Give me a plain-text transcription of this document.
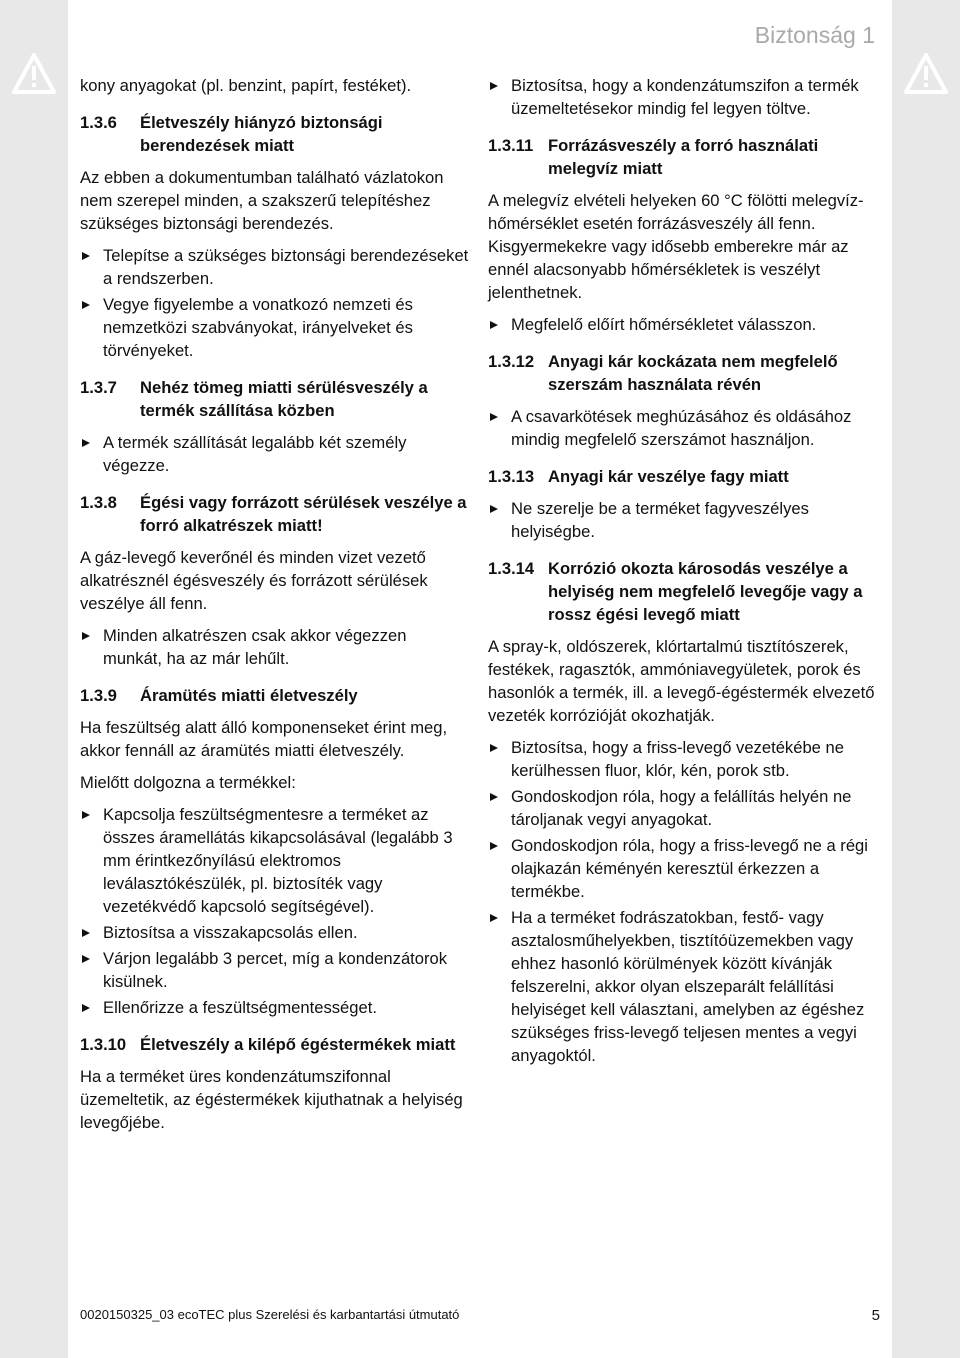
Biztonság 1

kony anyagokat (pl. benzint, papírt, festéket).

1.3.6	Életveszély hiányzó biztonsági berendezések miatt

Az ebben a dokumentumban található vázlatokon nem szerepel minden, a szakszerű telepítéshez szükséges biztonsági berendezés.

Telepítse a szükséges biztonsági berendezéseket a rendszerben.
Vegye figyelembe a vonatkozó nemzeti és nemzetközi szabványokat, irányelveket és törvényeket.
1.3.7	Nehéz tömeg miatti sérülésveszély a termék szállítása közben
A termék szállítását legalább két személy végezze.
1.3.8	Égési vagy forrázott sérülések veszélye a forró alkatrészek miatt!

A gáz-levegő keverőnél és minden vizet vezető alkatrésznél égésveszély és forrázott sérülések veszélye áll fenn.

Minden alkatrészen csak akkor végezzen munkát, ha az már lehűlt.
1.3.9	Áramütés miatti életveszély

Ha feszültség alatt álló komponenseket érint meg, akkor fennáll az áramütés miatti életveszély.

Mielőtt dolgozna a termékkel:

Kapcsolja feszültségmentesre a terméket az összes áramellátás kikapcsolásával (legalább 3 mm érintkezőnyílású elektromos leválasztókészülék, pl. biztosíték vagy vezetékvédő kapcsoló segítségével).
Biztosítsa a visszakapcsolás ellen.
Várjon legalább 3 percet, míg a kondenzátorok kisülnek.
Ellenőrizze a feszültségmentességet.
1.3.10 Életveszély a kilépő égéstermékek miatt

Ha a terméket üres kondenzátumszifonnal üzemeltetik, az égéstermékek kijuthatnak a helyiség levegőjébe.

Biztosítsa, hogy a kondenzátumszifon a termék üzemeltetésekor mindig fel legyen töltve.
1.3.11 Forrázásveszély a forró használati melegvíz miatt

A melegvíz elvételi helyeken 60 °C fölötti melegvíz-hőmérséklet esetén forrázásveszély áll fenn. Kisgyermekekre vagy idősebb emberekre már az ennél alacsonyabb hőmérsékletek is veszélyt jelenthetnek.

Megfelelő előírt hőmérsékletet válasszon.
1.3.12 Anyagi kár kockázata nem megfelelő szerszám használata révén
A csavarkötések meghúzásához és oldásához mindig megfelelő szerszámot használjon.
1.3.13 Anyagi kár veszélye fagy miatt
Ne szerelje be a terméket fagyveszélyes helyiségbe.
1.3.14 Korrózió okozta károsodás veszélye a helyiség nem megfelelő levegője vagy a rossz égési levegő miatt

A spray-k, oldószerek, klórtartalmú tisztítószerek, festékek, ragasztók, ammóniavegyületek, porok és hasonlók a termék, ill. a levegő-égéstermék elvezető vezeték korrózióját okozhatják.

Biztosítsa, hogy a friss-levegő vezetékébe ne kerülhessen fluor, klór, kén, porok stb.
Gondoskodjon róla, hogy a felállítás helyén ne tároljanak vegyi anyagokat.
Gondoskodjon róla, hogy a friss-levegő ne a régi olajkazán kéményén keresztül érkezzen a termékbe.
Ha a terméket fodrászatokban, festő- vagy asztalosműhelyekben, tisztítóüzemekben vagy ehhez hasonló körülmények között kívánják felszerelni, akkor olyan elszeparált felállítási helyiséget kell választani, amelyben az égéshez szükséges friss-levegő teljesen mentes a vegyi anyagoktól.
0020150325_03 ecoTEC plus Szerelési és karbantartási útmutató	5
